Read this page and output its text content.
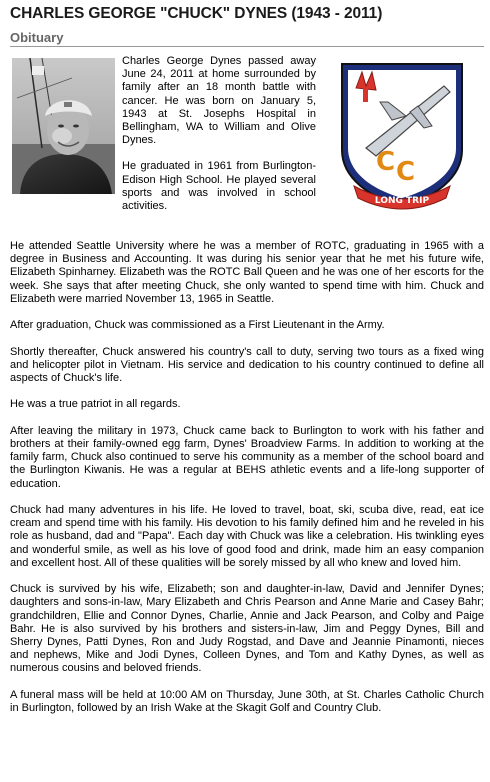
CHARLES GEORGE "CHUCK" DYNES (1943 - 2011)
Obituary

Charles George Dynes passed away June 24, 2011 at home surrounded by family after an 18 month battle with cancer. He was born on January 5, 1943 at St. Josephs Hospital in Bellingham, WA to William and Olive Dynes.

He graduated in 1961 from Burlington-Edison High School. He played several sports and was involved in school activities.

C C
LONG TRIP

He attended Seattle University where he was a member of ROTC, graduating in 1965 with a degree in Business and Accounting. It was during his senior year that he met his future wife, Elizabeth Spinharney. Elizabeth was the ROTC Ball Queen and he was one of her escorts for the week. She says that after meeting Chuck, she only wanted to spend time with him. Chuck and Elizabeth were married November 13, 1965 in Seattle.

After graduation, Chuck was commissioned as a First Lieutenant in the Army.

Shortly thereafter, Chuck answered his country's call to duty, serving two tours as a fixed wing and helicopter pilot in Vietnam. His service and dedication to his country continued to define all aspects of Chuck's life.

He was a true patriot in all regards.

After leaving the military in 1973, Chuck came back to Burlington to work with his father and brothers at their family-owned egg farm, Dynes' Broadview Farms. In addition to working at the family farm, Chuck also continued to serve his community as a member of the school board and the Burlington Kiwanis. He was a regular at BEHS athletic events and a life-long supporter of education.

Chuck had many adventures in his life. He loved to travel, boat, ski, scuba dive, read, eat ice cream and spend time with his family. His devotion to his family defined him and he reveled in his role as husband, dad and "Papa". Each day with Chuck was like a celebration. His twinkling eyes and wonderful smile, as well as his love of good food and drink, made him an easy companion and excellent host. All of these qualities will be sorely missed by all who knew and loved him.

Chuck is survived by his wife, Elizabeth; son and daughter-in-law, David and Jennifer Dynes; daughters and sons-in-law, Mary Elizabeth and Chris Pearson and Anne Marie and Casey Bahr; grandchildren, Ellie and Connor Dynes, Charlie, Annie and Jack Pearson, and Colby and Paige Bahr. He is also survived by his brothers and sisters-in-law, Jim and Peggy Dynes, Bill and Sherry Dynes, Patti Dynes, Ron and Judy Rogstad, and Dave and Jeannie Pinamonti, nieces and nephews, Mike and Jodi Dynes, Colleen Dynes, and Tom and Kathy Dynes, as well as numerous cousins and beloved friends.

A funeral mass will be held at 10:00 AM on Thursday, June 30th, at St. Charles Catholic Church in Burlington, followed by an Irish Wake at the Skagit Golf and Country Club.
